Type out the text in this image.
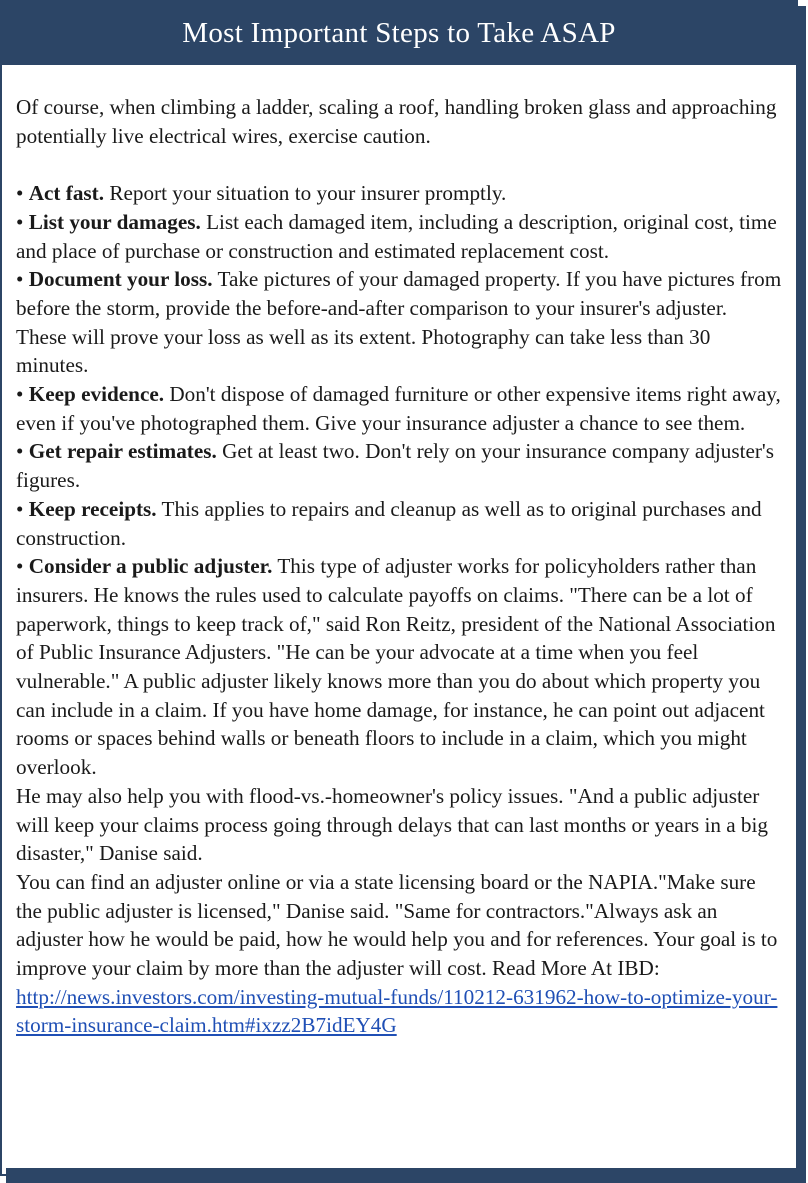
Most Important Steps to Take ASAP

Of course, when climbing a ladder, scaling a roof, handling broken glass and approaching potentially live electrical wires, exercise caution.

• Act fast. Report your situation to your insurer promptly.

• List your damages. List each damaged item, including a description, original cost, time and place of purchase or construction and estimated replacement cost.

• Document your loss. Take pictures of your damaged property. If you have pictures from before the storm, provide the before-and-after comparison to your insurer's adjuster. These will prove your loss as well as its extent. Photography can take less than 30 minutes.

• Keep evidence. Don't dispose of damaged furniture or other expensive items right away, even if you've photographed them. Give your insurance adjuster a chance to see them.

• Get repair estimates. Get at least two. Don't rely on your insurance company adjuster's figures.

• Keep receipts. This applies to repairs and cleanup as well as to original purchases and construction.

• Consider a public adjuster. This type of adjuster works for policyholders rather than insurers. He knows the rules used to calculate payoffs on claims. "There can be a lot of paperwork, things to keep track of," said Ron Reitz, president of the National Association of Public Insurance Adjusters. "He can be your advocate at a time when you feel vulnerable." A public adjuster likely knows more than you do about which property you can include in a claim. If you have home damage, for instance, he can point out adjacent rooms or spaces behind walls or beneath floors to include in a claim, which you might overlook.

He may also help you with flood-vs.-homeowner's policy issues. "And a public adjuster will keep your claims process going through delays that can last months or years in a big disaster," Danise said.

You can find an adjuster online or via a state licensing board or the NAPIA."Make sure the public adjuster is licensed," Danise said. "Same for contractors."Always ask an adjuster how he would be paid, how he would help you and for references. Your goal is to improve your claim by more than the adjuster will cost. Read More At IBD: http://news.investors.com/investing-mutual-funds/110212-631962-how-to-optimize-your-storm-insurance-claim.htm#ixzz2B7idEY4G
